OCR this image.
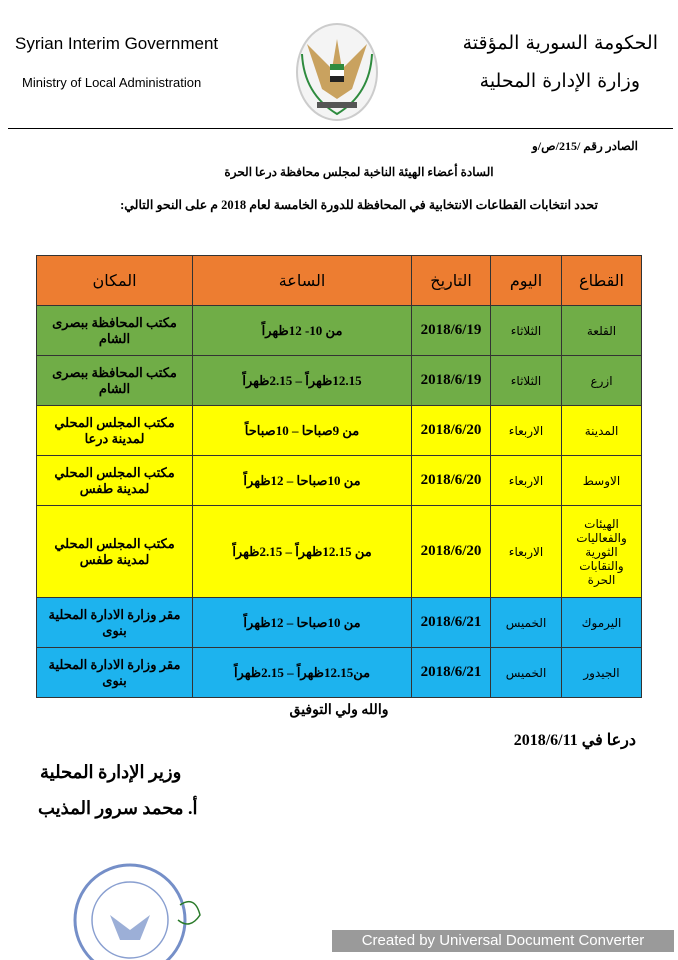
Syrian Interim Government
Ministry of Local Administration
الحكومة السورية المؤقتة
وزارة الإدارة المحلية
الصادر رقم /215/ص/و
السادة أعضاء الهيئة الناخبة لمجلس محافظة درعا الحرة
تحدد انتخابات القطاعات الانتخابية في المحافظة للدورة الخامسة لعام 2018 م على النحو التالي:
القطاع	اليوم	التاريخ	الساعة	المكان
القلعة	الثلاثاء	2018/6/19	من 10- 12ظهراً	مكتب المحافظة ببصرى الشام
ازرع	الثلاثاء	2018/6/19	12.15ظهراً – 2.15ظهراً	مكتب المحافظة ببصرى الشام
المدينة	الاربعاء	2018/6/20	من 9صباحا – 10صباحاً	مكتب المجلس المحلي لمدينة درعا
الاوسط	الاربعاء	2018/6/20	من 10صباحا – 12ظهراً	مكتب المجلس المحلي لمدينة طفس
الهيئات والفعاليات الثورية والنقابات الحرة	الاربعاء	2018/6/20	من 12.15ظهراً – 2.15ظهراً	مكتب المجلس المحلي لمدينة طفس
اليرموك	الخميس	2018/6/21	من 10صباحا – 12ظهراً	مقر وزارة الادارة المحلية بنوى
الجيدور	الخميس	2018/6/21	من12.15ظهراً – 2.15ظهراً	مقر وزارة الادارة المحلية بنوى
والله ولي التوفيق
درعا في 2018/6/11
وزير الإدارة المحلية
أ. محمد سرور المذيب
Created by Universal Document Converter
